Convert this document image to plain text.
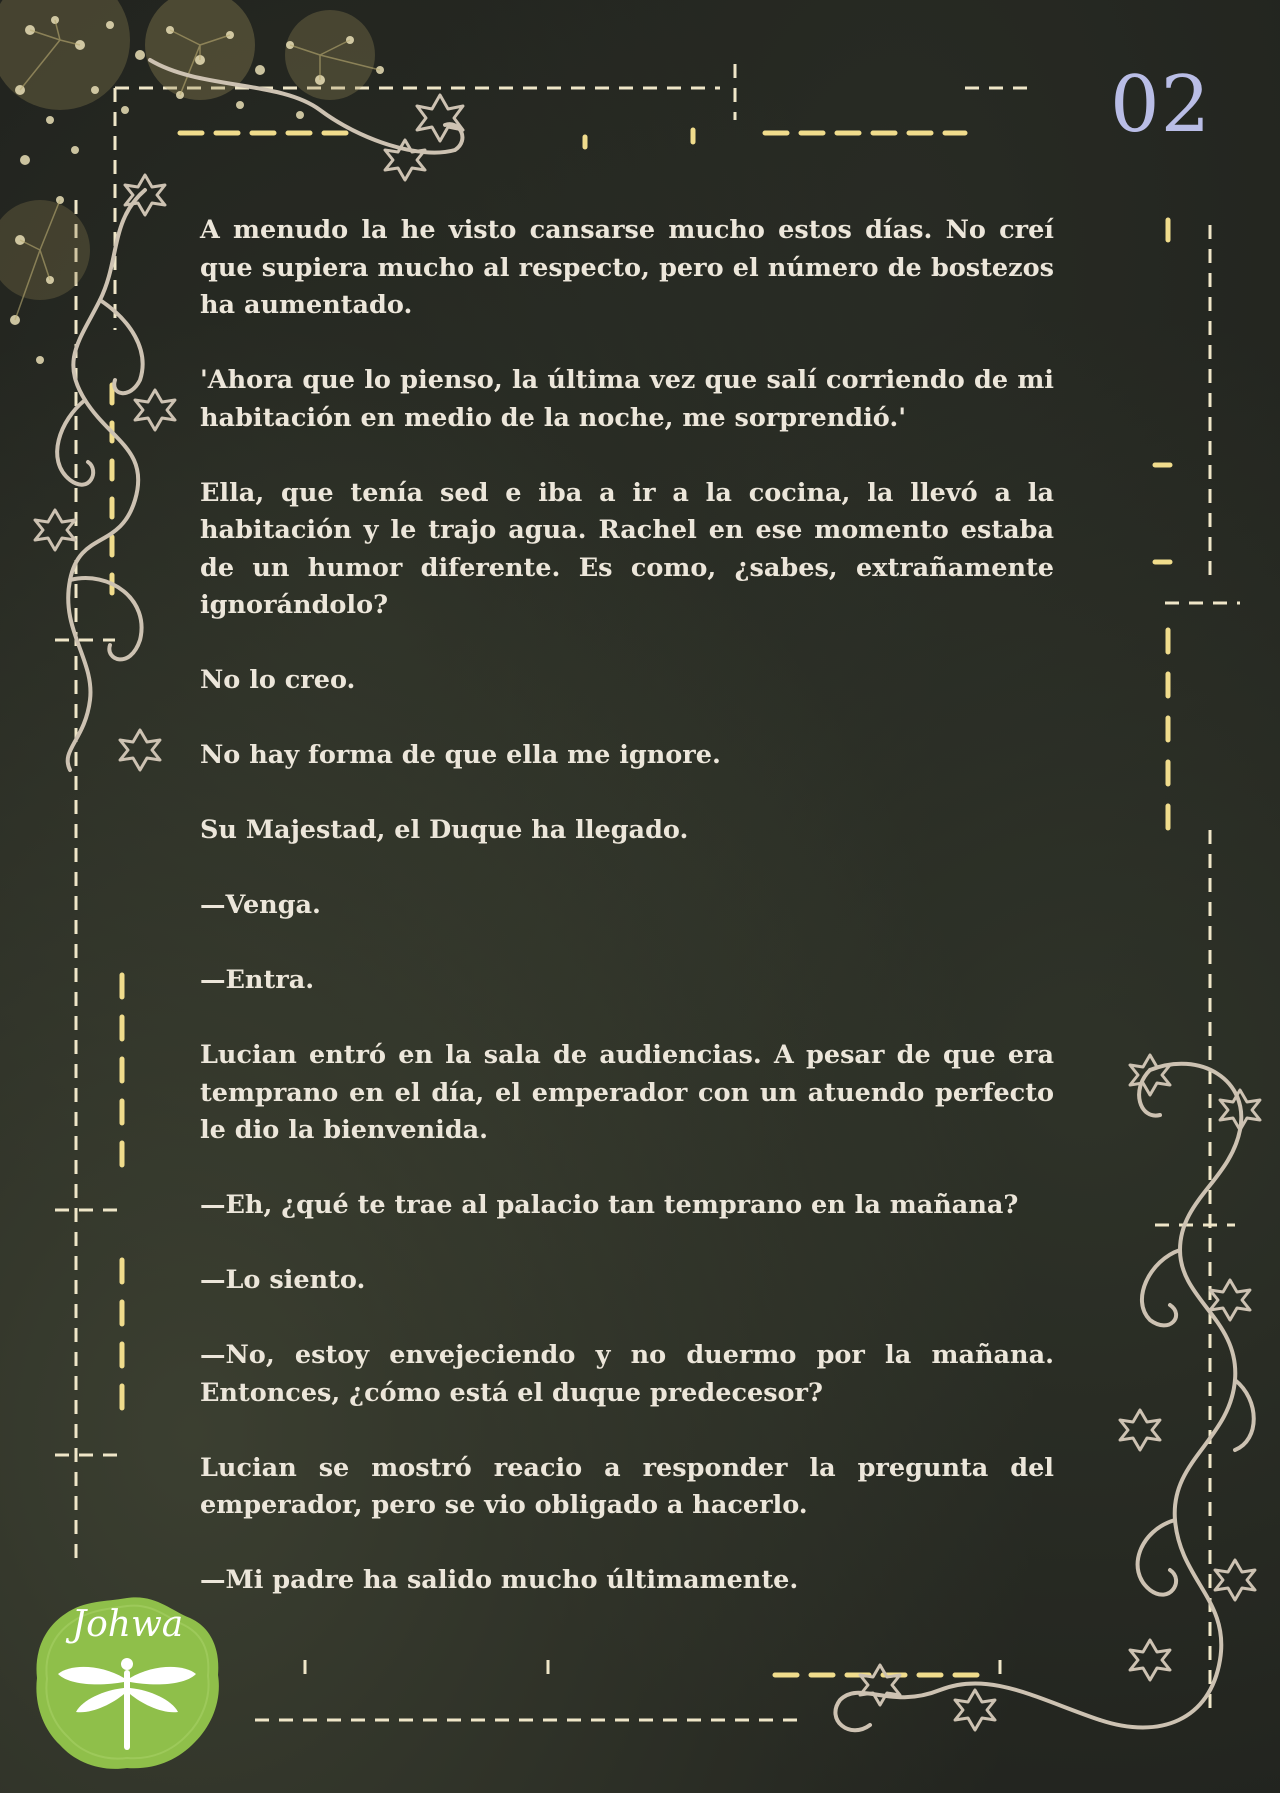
02

A menudo la he visto cansarse mucho estos días. No creí que supiera mucho al respecto, pero el número de bostezos ha aumentado.

'Ahora que lo pienso, la última vez que salí corriendo de mi habitación en medio de la noche, me sorprendió.'

Ella, que tenía sed e iba a ir a la cocina, la llevó a la habitación y le trajo agua. Rachel en ese momento estaba de un humor diferente. Es como, ¿sabes, extrañamente ignorándolo?

No lo creo.

No hay forma de que ella me ignore.

Su Majestad, el Duque ha llegado.

—Venga.

—Entra.

Lucian entró en la sala de audiencias. A pesar de que era temprano en el día, el emperador con un atuendo perfecto le dio la bienvenida.

—Eh, ¿qué te trae al palacio tan temprano en la mañana?

—Lo siento.

—No, estoy envejeciendo y no duermo por la mañana. Entonces, ¿cómo está el duque predecesor?

Lucian se mostró reacio a responder la pregunta del emperador, pero se vio obligado a hacerlo.

—Mi padre ha salido mucho últimamente.

Johwa
